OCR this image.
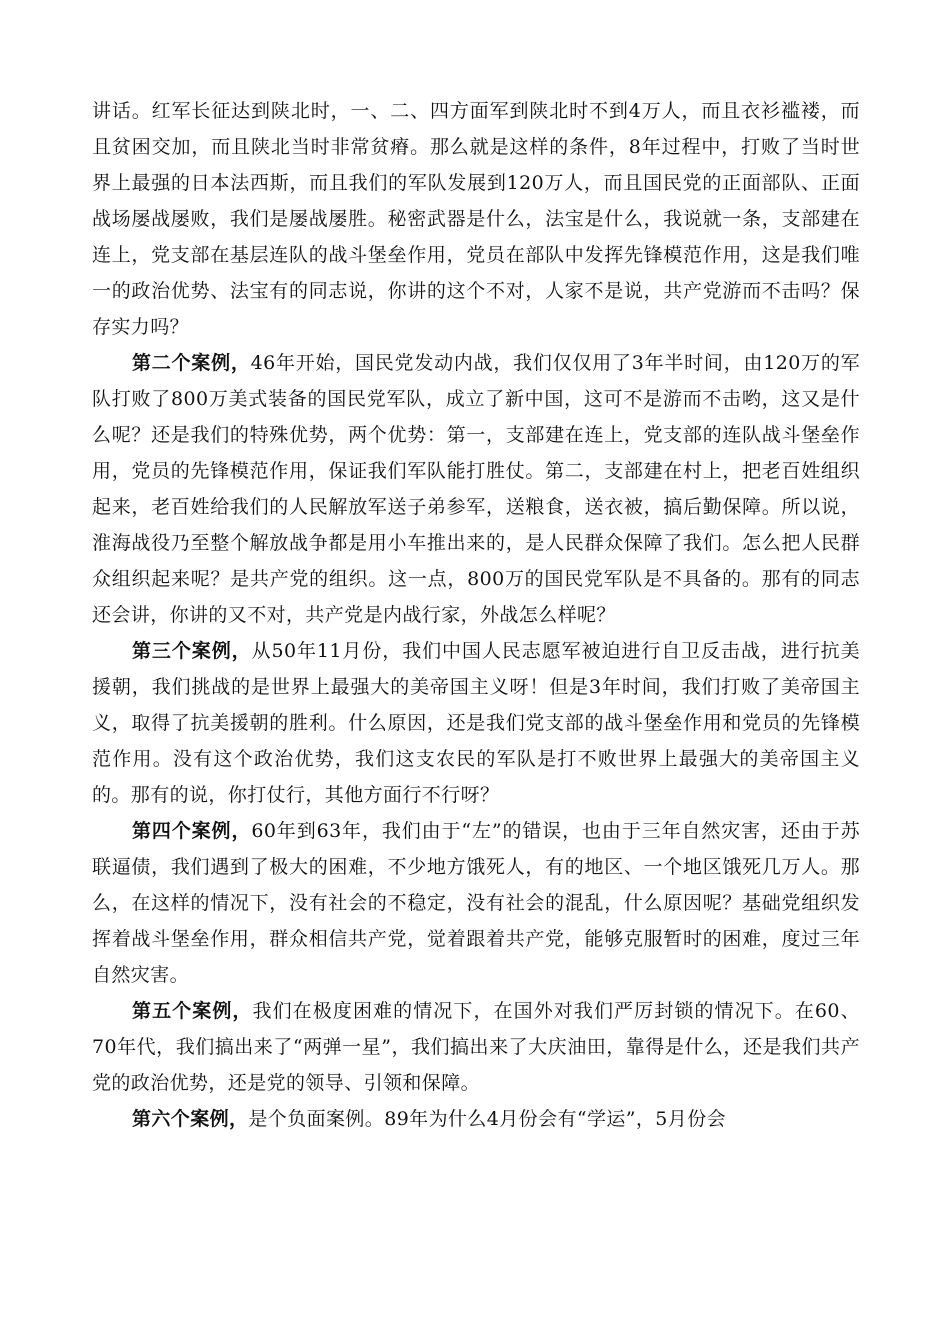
讲话。红军长征达到陕北时，一、二、四方面军到陕北时不到4万人，而且衣衫褴褛，而且贫困交加，而且陕北当时非常贫瘠。那么就是这样的条件，8年过程中，打败了当时世界上最强的日本法西斯，而且我们的军队发展到120万人，而且国民党的正面部队、正面战场屡战屡败，我们是屡战屡胜。秘密武器是什么，法宝是什么，我说就一条，支部建在连上，党支部在基层连队的战斗堡垒作用，党员在部队中发挥先锋模范作用，这是我们唯一的政治优势、法宝有的同志说，你讲的这个不对，人家不是说，共产党游而不击吗？保存实力吗？

第二个案例，46年开始，国民党发动内战，我们仅仅用了3年半时间，由120万的军队打败了800万美式装备的国民党军队，成立了新中国，这可不是游而不击哟，这又是什么呢？还是我们的特殊优势，两个优势：第一，支部建在连上，党支部的连队战斗堡垒作用，党员的先锋模范作用，保证我们军队能打胜仗。第二，支部建在村上，把老百姓组织起来，老百姓给我们的人民解放军送子弟参军，送粮食，送衣被，搞后勤保障。所以说，淮海战役乃至整个解放战争都是用小车推出来的，是人民群众保障了我们。怎么把人民群众组织起来呢？是共产党的组织。这一点，800万的国民党军队是不具备的。那有的同志还会讲，你讲的又不对，共产党是内战行家，外战怎么样呢？

第三个案例，从50年11月份，我们中国人民志愿军被迫进行自卫反击战，进行抗美援朝，我们挑战的是世界上最强大的美帝国主义呀！但是3年时间，我们打败了美帝国主义，取得了抗美援朝的胜利。什么原因，还是我们党支部的战斗堡垒作用和党员的先锋模范作用。没有这个政治优势，我们这支农民的军队是打不败世界上最强大的美帝国主义的。那有的说，你打仗行，其他方面行不行呀？

第四个案例，60年到63年，我们由于“左”的错误，也由于三年自然灾害，还由于苏联逼债，我们遇到了极大的困难，不少地方饿死人，有的地区、一个地区饿死几万人。那么，在这样的情况下，没有社会的不稳定，没有社会的混乱，什么原因呢？基础党组织发挥着战斗堡垒作用，群众相信共产党，觉着跟着共产党，能够克服暂时的困难，度过三年自然灾害。

第五个案例，我们在极度困难的情况下，在国外对我们严厉封锁的情况下。在60、70年代，我们搞出来了“两弹一星”，我们搞出来了大庆油田，靠得是什么，还是我们共产党的政治优势，还是党的领导、引领和保障。

第六个案例，是个负面案例。89年为什么4月份会有“学运”，5月份会
